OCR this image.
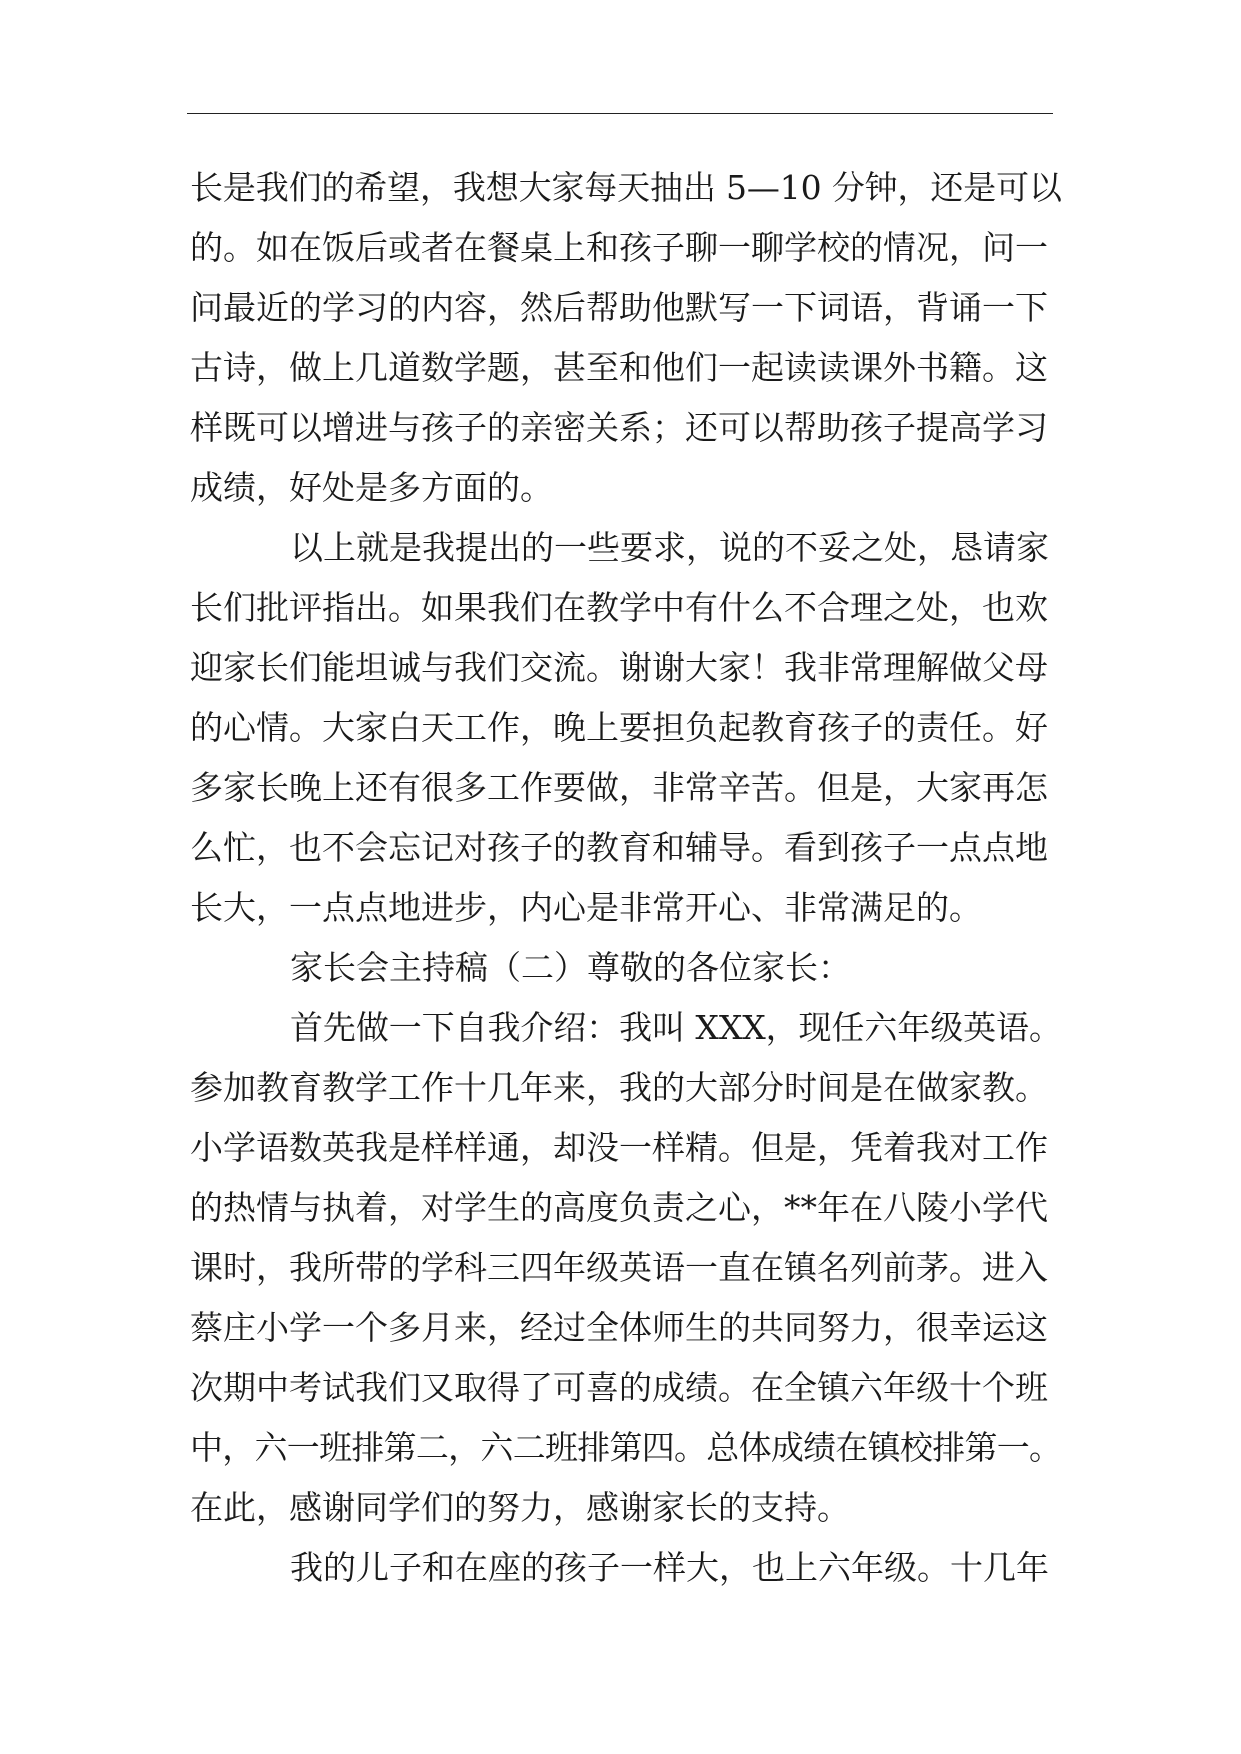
长是我们的希望，我想大家每天抽出 5—10 分钟，还是可以
的。如在饭后或者在餐桌上和孩子聊一聊学校的情况，问一
问最近的学习的内容，然后帮助他默写一下词语，背诵一下
古诗，做上几道数学题，甚至和他们一起读读课外书籍。这
样既可以增进与孩子的亲密关系；还可以帮助孩子提高学习
成绩，好处是多方面的。
以上就是我提出的一些要求，说的不妥之处，恳请家
长们批评指出。如果我们在教学中有什么不合理之处，也欢
迎家长们能坦诚与我们交流。谢谢大家！我非常理解做父母
的心情。大家白天工作，晚上要担负起教育孩子的责任。好
多家长晚上还有很多工作要做，非常辛苦。但是，大家再怎
么忙，也不会忘记对孩子的教育和辅导。看到孩子一点点地
长大，一点点地进步，内心是非常开心、非常满足的。
家长会主持稿（二）尊敬的各位家长：
首先做一下自我介绍：我叫 XXX，现任六年级英语。
参加教育教学工作十几年来，我的大部分时间是在做家教。
小学语数英我是样样通，却没一样精。但是，凭着我对工作
的热情与执着，对学生的高度负责之心，**年在八陵小学代
课时，我所带的学科三四年级英语一直在镇名列前茅。进入
蔡庄小学一个多月来，经过全体师生的共同努力，很幸运这
次期中考试我们又取得了可喜的成绩。在全镇六年级十个班
中，六一班排第二，六二班排第四。总体成绩在镇校排第一。
在此，感谢同学们的努力，感谢家长的支持。
我的儿子和在座的孩子一样大，也上六年级。十几年
